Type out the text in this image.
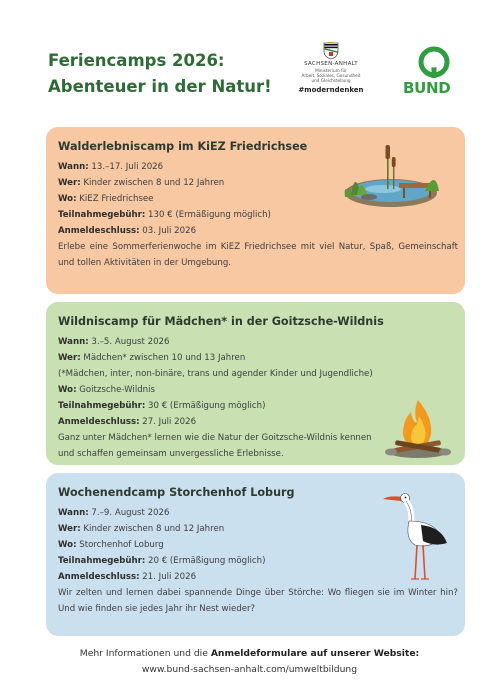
Feriencamps 2026:
Abenteuer in der Natur!
SACHSEN-ANHALT
Ministerium für
Arbeit, Soziales, Gesundheit
und Gleichstellung
#moderndenken	BUND
Walderlebniscamp im KiEZ Friedrichsee
Wann: 13.–17. Juli 2026
Wer: Kinder zwischen 8 und 12 Jahren
Wo: KiEZ Friedrichsee
Teilnahmegebühr: 130 € (Ermäßigung möglich)
Anmeldeschluss: 03. Juli 2026
Erlebe eine Sommerferienwoche im KiEZ Friedrichsee mit viel Natur, Spaß, Gemeinschaft und tollen Aktivitäten in der Umgebung.
Wildniscamp für Mädchen* in der Goitzsche-Wildnis
Wann: 3.–5. August 2026
Wer: Mädchen* zwischen 10 und 13 Jahren
(*Mädchen, inter, non-binäre, trans und agender Kinder und Jugendliche)
Wo: Goitzsche-Wildnis
Teilnahmegebühr: 30 € (Ermäßigung möglich)
Anmeldeschluss: 27. Juli 2026
Ganz unter Mädchen* lernen wie die Natur der Goitzsche-Wildnis kennen und schaffen gemeinsam unvergessliche Erlebnisse.
Wochenendcamp Storchenhof Loburg
Wann: 7.–9. August 2026
Wer: Kinder zwischen 8 und 12 Jahren
Wo: Storchenhof Loburg
Teilnahmegebühr: 20 € (Ermäßigung möglich)
Anmeldeschluss: 21. Juli 2026
Wir zelten und lernen dabei spannende Dinge über Störche: Wo fliegen sie im Winter hin? Und wie finden sie jedes Jahr ihr Nest wieder?
Mehr Informationen und die Anmeldeformulare auf unserer Website:
www.bund-sachsen-anhalt.com/umweltbildung
